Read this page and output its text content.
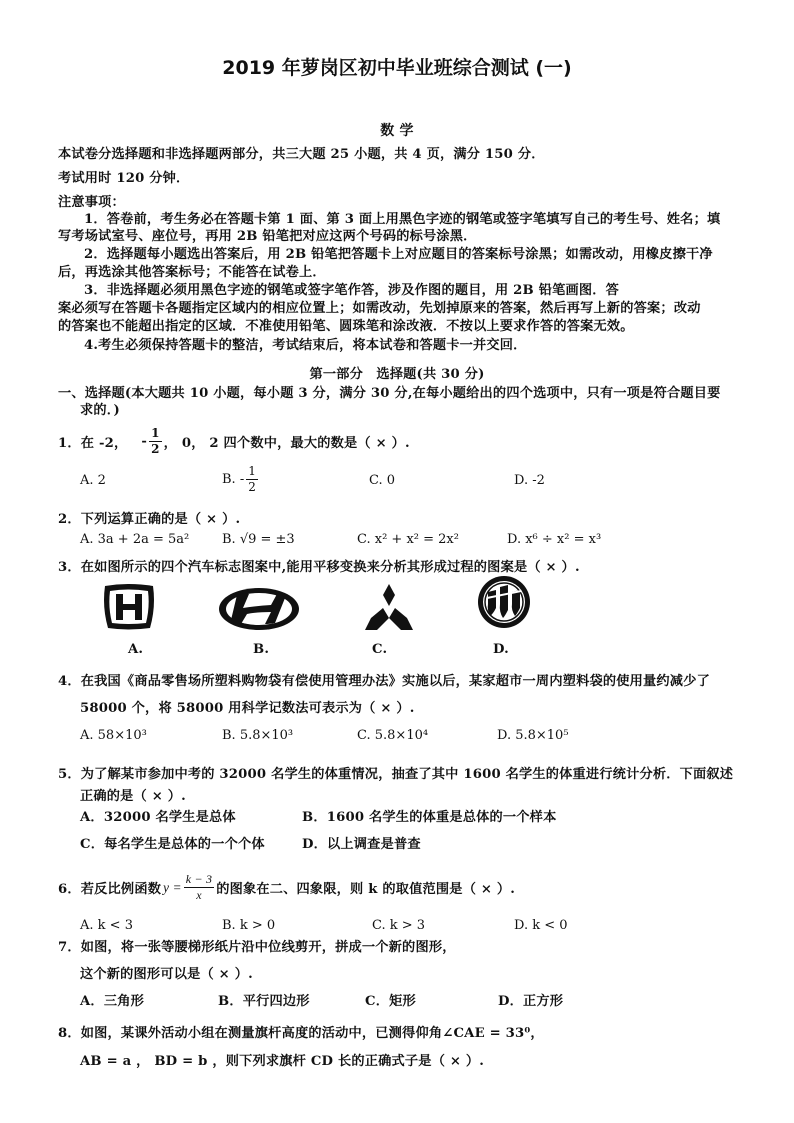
2019 年萝岗区初中毕业班综合测试 (一)
数 学
本试卷分选择题和非选择题两部分，共三大题 25 小题，共 4 页，满分 150 分．
考试用时 120 分钟．
注意事项：
1．答卷前，考生务必在答题卡第 1 面、第 3 面上用黑色字迹的钢笔或签字笔填写自己的考生号、姓名；填
写考场试室号、座位号，再用 2B 铅笔把对应这两个号码的标号涂黑．
2．选择题每小题选出答案后，用 2B 铅笔把答题卡上对应题目的答案标号涂黑；如需改动，用橡皮擦干净
后，再选涂其他答案标号；不能答在试卷上．
3．非选择题必须用黑色字迹的钢笔或签字笔作答，涉及作图的题目，用 2B 铅笔画图．答
案必须写在答题卡各题指定区域内的相应位置上；如需改动，先划掉原来的答案，然后再写上新的答案；改动
的答案也不能超出指定的区域．不准使用铅笔、圆珠笔和涂改液．不按以上要求作答的答案无效。
4.考生必须保持答题卡的整洁，考试结束后，将本试卷和答题卡一并交回．
第一部分　选择题(共 30 分)
一、选择题(本大题共 10 小题，每小题 3 分，满分 30 分,在每小题给出的四个选项中，只有一项是符合题目要
求的．)
1．在 -2， - $\frac{1}{2}$ ， 0， 2 四个数中，最大的数是（ × ）.
A. 2	B. - $\frac{1}{2}$	C. 0	D. -2
2．下列运算正确的是（ × ）.
A. 3a + 2a = 5a²	B. √9 = ±3	C. x² + x² = 2x²	D. x⁶ ÷ x² = x³
3．在如图所示的四个汽车标志图案中,能用平移变换来分析其形成过程的图案是（ × ）.
A.	B.	C.	D.
4．在我国《商品零售场所塑料购物袋有偿使用管理办法》实施以后，某家超市一周内塑料袋的使用量约减少了
58000 个，将 58000 用科学记数法可表示为（ × ）.
A. 58×10³	B. 5.8×10³	C. 5.8×10⁴	D. 5.8×10⁵
5．为了解某市参加中考的 32000 名学生的体重情况，抽查了其中 1600 名学生的体重进行统计分析．下面叙述
正确的是（ × ）.
A．32000 名学生是总体	B．1600 名学生的体重是总体的一个样本
C．每名学生是总体的一个个体	D．以上调查是普查
6．若反比例函数 $y = \frac{k - 3}{x}$ 的图象在二、四象限，则 k 的取值范围是（ × ）.
A. k < 3	B. k > 0	C. k > 3	D. k < 0
7．如图，将一张等腰梯形纸片沿中位线剪开，拼成一个新的图形，
这个新的图形可以是（ × ）.
A．三角形	B．平行四边形	C．矩形	D．正方形
8．如图，某课外活动小组在测量旗杆高度的活动中，已测得仰角∠CAE = 33⁰，
AB = a ， BD = b ，则下列求旗杆 CD 长的正确式子是（ × ）.
